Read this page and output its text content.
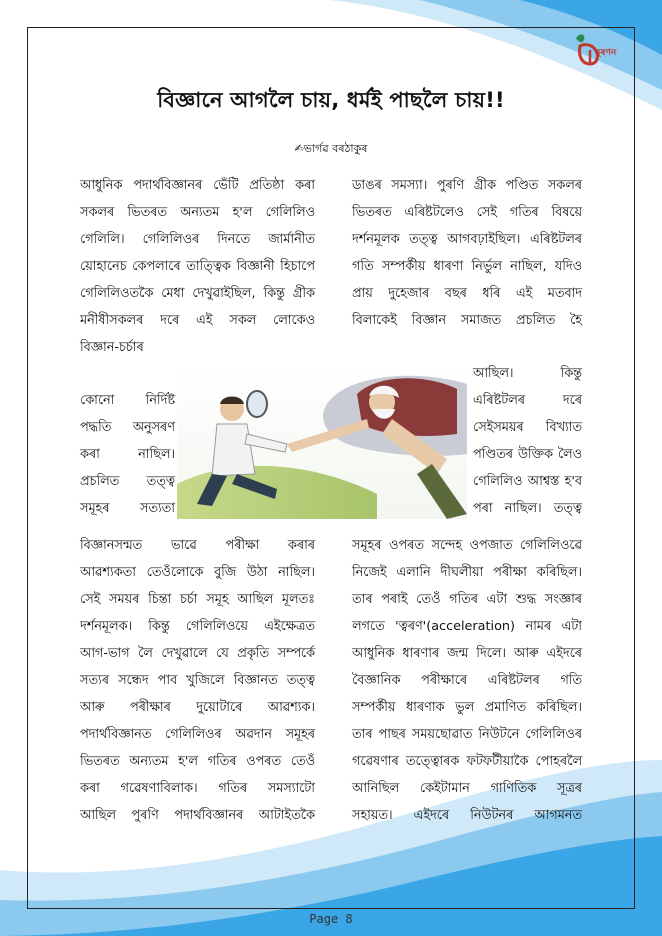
নুৰণন
বিজ্ঞানে আগলৈ চায়, ধৰ্মই পাছলৈ চায়!!
✍ভাৰ্গৱ বৰঠাকুৰ
আধুনিক পদাৰ্থবিজ্ঞানৰ ভেঁটি প্ৰতিষ্ঠা কৰা
সকলৰ ভিতৰত অন্যতম হ'ল গেলিলিও
গেলিলি। গেলিলিওৰ দিনতে জাৰ্মানীত
য়োহানেচ কেপলাৰে তাত্ত্বিক বিজ্ঞানী হিচাপে
গেলিলিওতকৈ মেধা দেখুৱাইছিল, কিন্তু গ্ৰীক
মনীষীসকলৰ দৰে এই সকল লোকেও
বিজ্ঞান-চৰ্চাৰ
কোনো নিৰ্দিষ্ট
পদ্ধতি অনুসৰণ
কৰা নাছিল।
প্ৰচলিত তত্ত্ব
সমূহৰ সত্যতা
ডাঙৰ সমস্যা। পুৰণি গ্ৰীক পণ্ডিত সকলৰ
ভিতৰত এৰিষ্টটলেও সেই গতিৰ বিষয়ে
দৰ্শনমূলক তত্ত্ব আগবঢ়াইছিল। এৰিষ্টটলৰ
গতি সম্পৰ্কীয় ধাৰণা নিৰ্ভুল নাছিল, যদিও
প্ৰায় দুহেজাৰ বছৰ ধৰি এই মতবাদ
বিলাকেই বিজ্ঞান সমাজত প্ৰচলিত হৈ
আছিল। কিন্তু
এৰিষ্টটলৰ দৰে
সেইসময়ৰ বিখ্যাত
পণ্ডিতৰ উক্তিক লৈও
গেলিলিও আশ্বস্ত হ'ব
পৰা নাছিল। তত্ত্ব
বিজ্ঞানসন্মত ভাৱে পৰীক্ষা কৰাৰ
আৱশ্যকতা তেওঁলোকে বুজি উঠা নাছিল।
সেই সময়ৰ চিন্তা চৰ্চা সমূহ আছিল মূলতঃ
দৰ্শনমূলক। কিন্তু গেলিলিওয়ে এইক্ষেত্ৰত
আগ-ভাগ লৈ দেখুৱালে যে প্ৰকৃতি সম্পৰ্কে
সত্যৰ সন্ধেদ পাব খুজিলে বিজ্ঞানত তত্ত্ব
আৰু পৰীক্ষাৰ দুয়োটাৰে আৱশ্যক।
পদাৰ্থবিজ্ঞানত গেলিলিওৰ অৱদান সমূহৰ
ভিতৰত অন্যতম হ'ল গতিৰ ওপৰত তেওঁ
কৰা গৱেষণাবিলাক। গতিৰ সমস্যাটো
আছিল পুৰণি পদাৰ্থবিজ্ঞানৰ আটাইতকৈ
সমূহৰ ওপৰত সন্দেহ ওপজাত গেলিলিওৱে
নিজেই এলানি দীঘলীয়া পৰীক্ষা কৰিছিল।
তাৰ পৰাই তেওঁ গতিৰ এটা শুদ্ধ সংজ্ঞাৰ
লগতে 'ত্বৰণ'(acceleration) নামৰ এটা
আধুনিক ধাৰণাৰ জন্ম দিলে। আৰু এইদৰে
বৈজ্ঞানিক পৰীক্ষাৰে এৰিষ্টটলৰ গতি
সম্পৰ্কীয় ধাৰণাক ভুল প্ৰমাণিত কৰিছিল।
তাৰ পাছৰ সময়ছোৱাত নিউটনে গেলিলিওৰ
গৱেষণাৰ তত্ত্বোৰক ফটফটীয়াকৈ পোহৰলৈ
আনিছিল কেইটামান গাণিতিক সূত্ৰৰ
সহায়ত। এইদৰে নিউটনৰ আগমনত
Page 8
